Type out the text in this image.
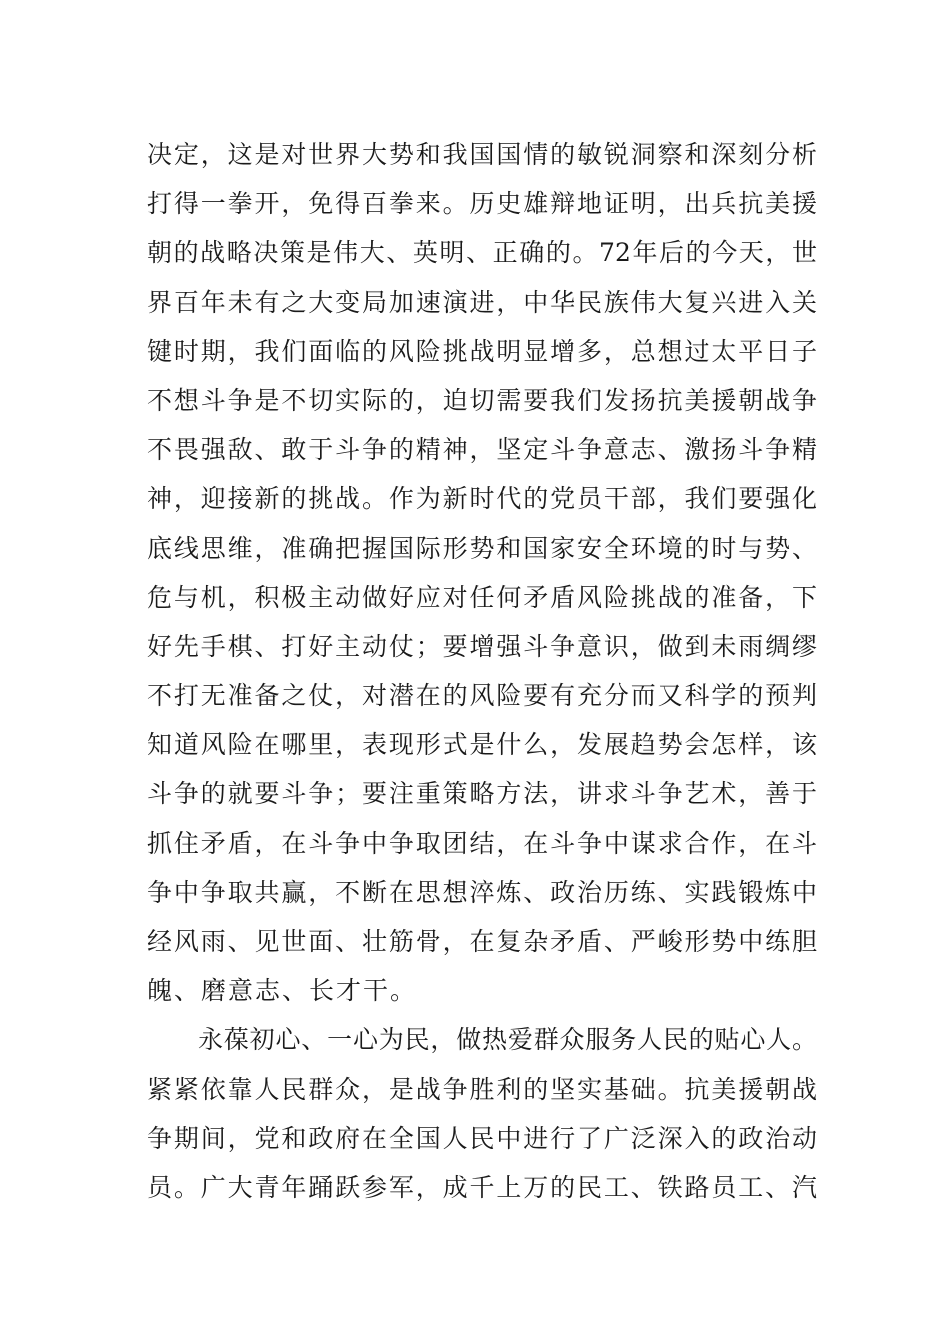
决定，这是对世界大势和我国国情的敏锐洞察和深刻分析
打得一拳开，免得百拳来。历史雄辩地证明，出兵抗美援
朝的战略决策是伟大、英明、正确的。72年后的今天，世
界百年未有之大变局加速演进，中华民族伟大复兴进入关
键时期，我们面临的风险挑战明显增多，总想过太平日子
不想斗争是不切实际的，迫切需要我们发扬抗美援朝战争
不畏强敌、敢于斗争的精神，坚定斗争意志、激扬斗争精
神，迎接新的挑战。作为新时代的党员干部，我们要强化
底线思维，准确把握国际形势和国家安全环境的时与势、
危与机，积极主动做好应对任何矛盾风险挑战的准备，下
好先手棋、打好主动仗；要增强斗争意识，做到未雨绸缪
不打无准备之仗，对潜在的风险要有充分而又科学的预判
知道风险在哪里，表现形式是什么，发展趋势会怎样，该
斗争的就要斗争；要注重策略方法，讲求斗争艺术，善于
抓住矛盾，在斗争中争取团结，在斗争中谋求合作，在斗
争中争取共赢，不断在思想淬炼、政治历练、实践锻炼中
经风雨、见世面、壮筋骨，在复杂矛盾、严峻形势中练胆
魄、磨意志、长才干。
永葆初心、一心为民，做热爱群众服务人民的贴心人。
紧紧依靠人民群众，是战争胜利的坚实基础。抗美援朝战
争期间，党和政府在全国人民中进行了广泛深入的政治动
员。广大青年踊跃参军，成千上万的民工、铁路员工、汽
